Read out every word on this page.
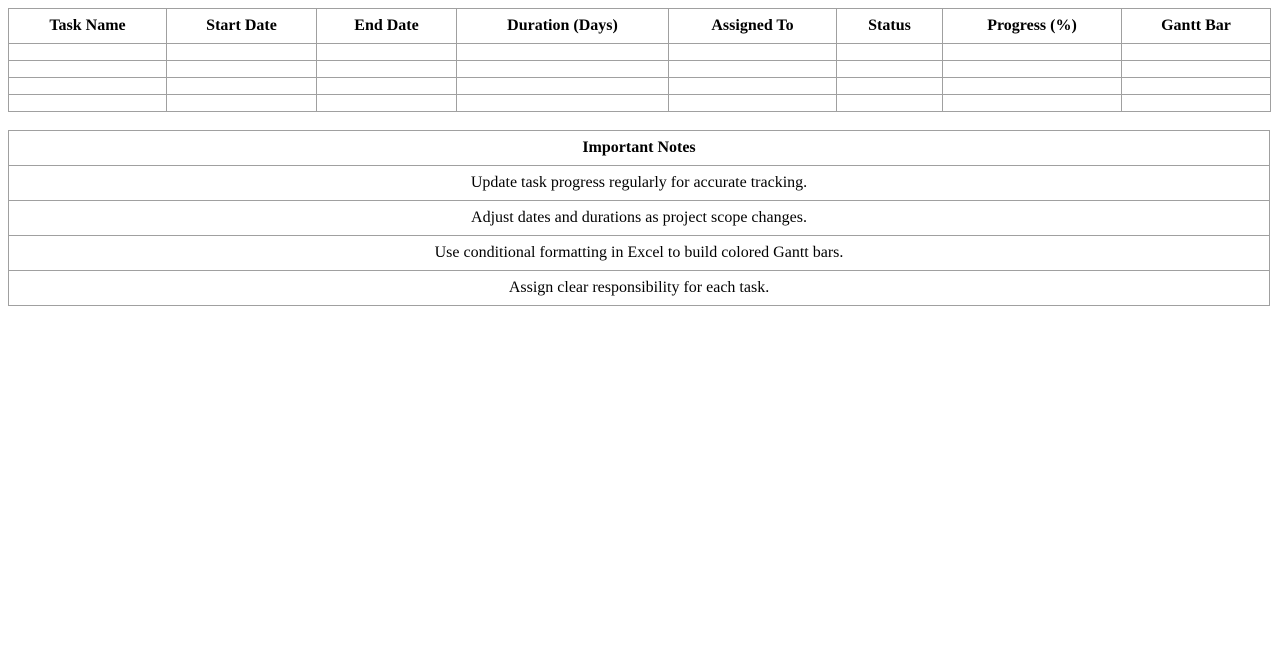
Task Name	Start Date	End Date	Duration (Days)	Assigned To	Status	Progress (%)	Gantt Bar

Important Notes
Update task progress regularly for accurate tracking.
Adjust dates and durations as project scope changes.
Use conditional formatting in Excel to build colored Gantt bars.
Assign clear responsibility for each task.
